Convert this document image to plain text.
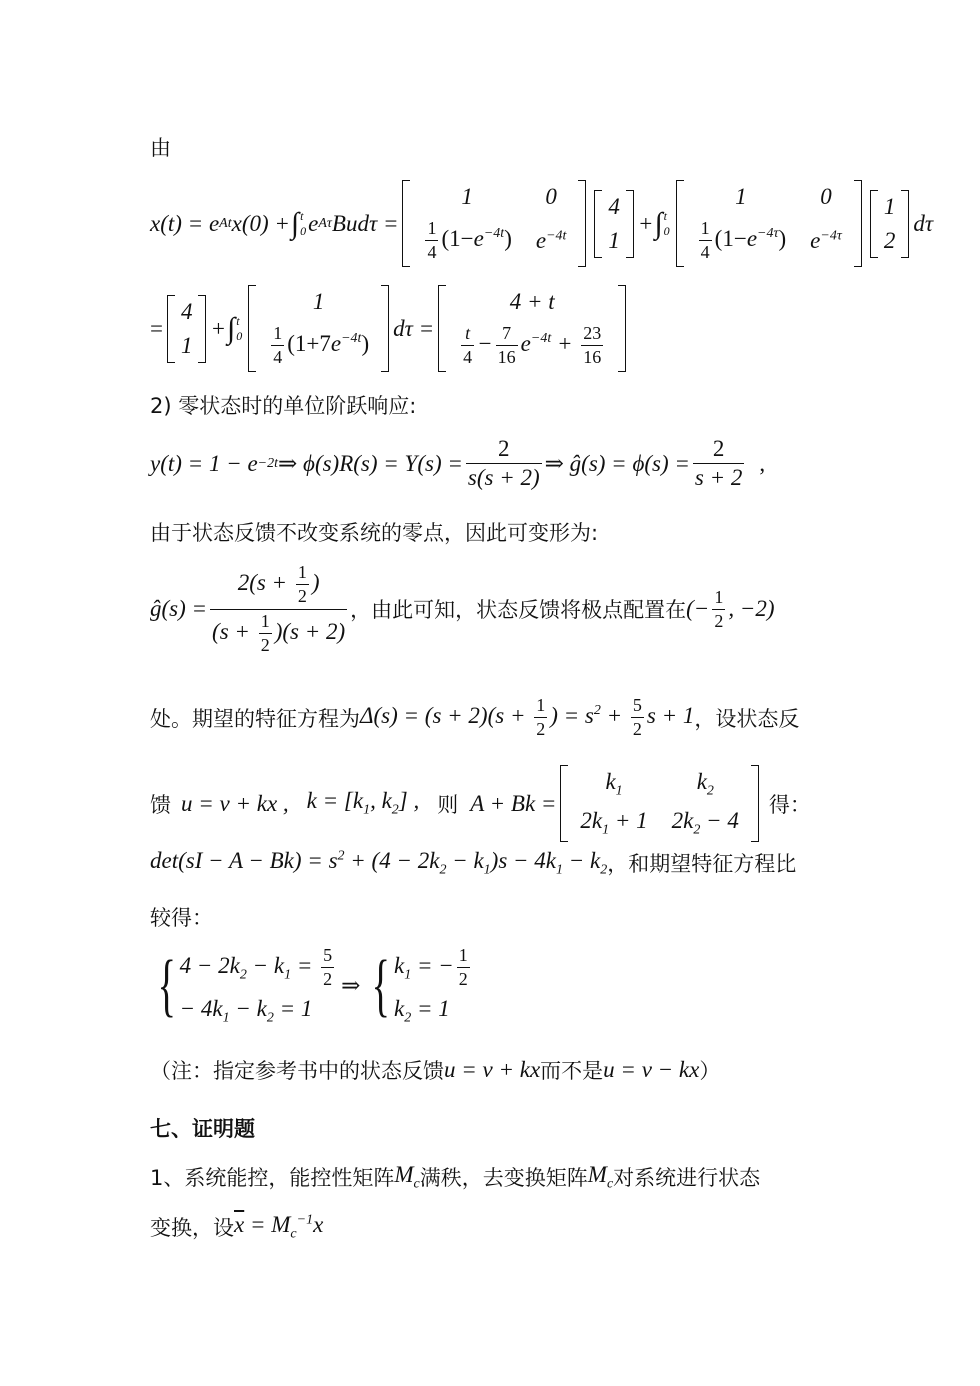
由
x(t) = e At x(0) + ∫ t
0 e Aτ Budτ =
1	0

$\frac{1}{4} (1-e^{-4t})$	$e^{-4t}$
4
1
+ ∫ t
0
1	0

$\frac{1}{4} (1-e^{-4\tau})$	$e^{-4\tau}$
1
2
dτ
=
4
1
+ ∫ t
0
1

$\frac{1}{4} (1+7e^{-4t})$
dτ =
4 + t

$\frac{t}{4} - \frac{7}{16} e^{-4t} + \frac{23}{16}$
2) 零状态时的单位阶跃响应:
y(t) = 1 − e −2t ⇒ $\phi(s)R(s) = Y(s) = \frac{2}{s(s + 2)}$ ⇒ ĝ(s) = $\phi(s) = \frac{2}{s + 2}$ ,
由于状态反馈不改变系统的零点，因此可变形为:
ĝ(s) = $\frac{2(s + \frac{1}{2} )}{(s + \frac{1}{2} )(s + 2)}$ ，由此可知，状态反馈将极点配置在 (− $\frac{1}{2}$ , −2)
处。期望的特征方程为 $\Delta(s) = (s + 2)(s + \frac{1}{2}$ ) = $s^2 + \frac{5}{2}$ s + 1 ，设状态反
馈 u = v + kx , $k = [k_1$, $k_2$] , 则 A + Bk =
$k_1$	$k_2$
$2k_1 + 1$	$2k_2 - 4$
得：
$\det(sI - A - Bk) = s^2 + (4 - 2k_2 - k_1)s - 4k_1 - k_2$ ，和期望特征方程比
较得：
{ $4 - 2k_2 - k_1 = \frac{5}{2}$
− $4k_1 - k_2 = 1$
⇒ { $k_1$ = − $\frac{1}{2}$
$k_2 = 1$
（注：指定参考书中的状态反馈 u = v + kx 而不是 u = v − kx ）
七、证明题
1、系统能控，能控性矩阵 $M_c$ 满秩，去变换矩阵 $M_c$ 对系统进行状态
变换，设 $\overline{x} = M_c^{-1}x$
